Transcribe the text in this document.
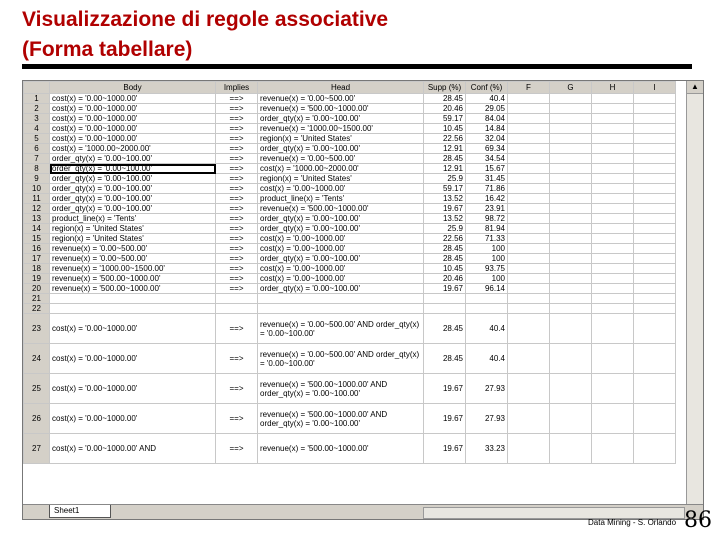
Visualizzazione di regole associative
(Forma tabellare)
	Body	Implies	Head	Supp (%)	Conf (%)	F	G	H	I
1	cost(x) = '0.00~1000.00'	==>	revenue(x) = '0.00~500.00'	28.45	40.4				
2	cost(x) = '0.00~1000.00'	==>	revenue(x) = '500.00~1000.00'	20.46	29.05				
3	cost(x) = '0.00~1000.00'	==>	order_qty(x) = '0.00~100.00'	59.17	84.04				
4	cost(x) = '0.00~1000.00'	==>	revenue(x) = '1000.00~1500.00'	10.45	14.84				
5	cost(x) = '0.00~1000.00'	==>	region(x) = 'United States'	22.56	32.04				
6	cost(x) = '1000.00~2000.00'	==>	order_qty(x) = '0.00~100.00'	12.91	69.34				
7	order_qty(x) = '0.00~100.00'	==>	revenue(x) = '0.00~500.00'	28.45	34.54				
8	order_qty(x) = '0.00~100.00'	==>	cost(x) = '1000.00~2000.00'	12.91	15.67				
9	order_qty(x) = '0.00~100.00'	==>	region(x) = 'United States'	25.9	31.45				
10	order_qty(x) = '0.00~100.00'	==>	cost(x) = '0.00~1000.00'	59.17	71.86				
11	order_qty(x) = '0.00~100.00'	==>	product_line(x) = 'Tents'	13.52	16.42				
12	order_qty(x) = '0.00~100.00'	==>	revenue(x) = '500.00~1000.00'	19.67	23.91				
13	product_line(x) = 'Tents'	==>	order_qty(x) = '0.00~100.00'	13.52	98.72				
14	region(x) = 'United States'	==>	order_qty(x) = '0.00~100.00'	25.9	81.94				
15	region(x) = 'United States'	==>	cost(x) = '0.00~1000.00'	22.56	71.33				
16	revenue(x) = '0.00~500.00'	==>	cost(x) = '0.00~1000.00'	28.45	100				
17	revenue(x) = '0.00~500.00'	==>	order_qty(x) = '0.00~100.00'	28.45	100				
18	revenue(x) = '1000.00~1500.00'	==>	cost(x) = '0.00~1000.00'	10.45	93.75				
19	revenue(x) = '500.00~1000.00'	==>	cost(x) = '0.00~1000.00'	20.46	100				
20	revenue(x) = '500.00~1000.00'	==>	order_qty(x) = '0.00~100.00'	19.67	96.14				
21									
22									
23	cost(x) = '0.00~1000.00'	==>	revenue(x) = '0.00~500.00' AND order_qty(x) = '0.00~100.00'	28.45	40.4				
24	cost(x) = '0.00~1000.00'	==>	revenue(x) = '0.00~500.00' AND order_qty(x) = '0.00~100.00'	28.45	40.4				
25	cost(x) = '0.00~1000.00'	==>	revenue(x) = '500.00~1000.00' AND order_qty(x) = '0.00~100.00'	19.67	27.93				
26	cost(x) = '0.00~1000.00'	==>	revenue(x) = '500.00~1000.00' AND order_qty(x) = '0.00~100.00'	19.67	27.93				
27	cost(x) = '0.00~1000.00' AND	==>	revenue(x) = '500.00~1000.00'	19.67	33.23				
▲
Sheet1
Data Mining - S. Orlando 86
